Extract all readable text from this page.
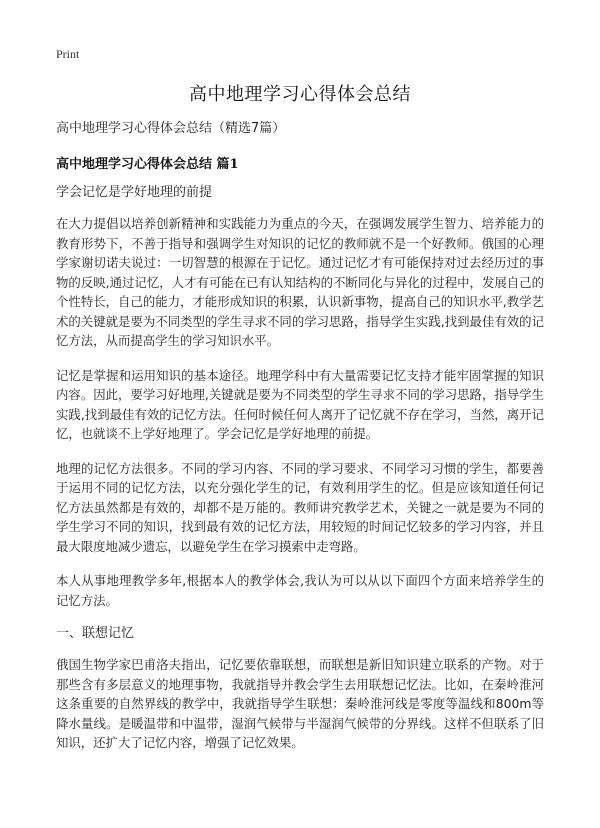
Print
高中地理学习心得体会总结

高中地理学习心得体会总结（精选7篇）

高中地理学习心得体会总结 篇1

学会记忆是学好地理的前提

在大力提倡以培养创新精神和实践能力为重点的今天，在强调发展学生智力、培养能力的教育形势下，不善于指导和强调学生对知识的记忆的教师就不是一个好教师。俄国的心理学家谢切诺夫说过：一切智慧的根源在于记忆。通过记忆才有可能保持对过去经历过的事物的反映,通过记忆，人才有可能在已有认知结构的不断同化与异化的过程中，发展自己的个性特长，自己的能力，才能形成知识的积累，认识新事物，提高自己的知识水平,教学艺术的关键就是要为不同类型的学生寻求不同的学习思路，指导学生实践,找到最佳有效的记忆方法，从而提高学生的学习知识水平。

记忆是掌握和运用知识的基本途径。地理学科中有大量需要记忆支持才能牢固掌握的知识内容。因此，要学习好地理,关键就是要为不同类型的学生寻求不同的学习思路，指导学生实践,找到最佳有效的记忆方法。任何时候任何人离开了记忆就不存在学习，当然，离开记忆，也就谈不上学好地理了。学会记忆是学好地理的前提。

地理的记忆方法很多。不同的学习内容、不同的学习要求、不同学习习惯的学生，都要善于运用不同的记忆方法，以充分强化学生的记，有效利用学生的忆。但是应该知道任何记忆方法虽然都是有效的，却都不是万能的。教师讲究教学艺术，关键之一就是要为不同的学生学习不同的知识，找到最有效的记忆方法，用较短的时间记忆较多的学习内容，并且最大限度地减少遗忘，以避免学生在学习摸索中走弯路。

本人从事地理教学多年,根据本人的教学体会,我认为可以从以下面四个方面来培养学生的记忆方法。

一、联想记忆

俄国生物学家巴甫洛夫指出，记忆要依靠联想，而联想是新旧知识建立联系的产物。对于那些含有多层意义的地理事物，我就指导并教会学生去用联想记忆法。比如，在秦岭淮河这条重要的自然界线的教学中，我就指导学生联想：秦岭淮河线是零度等温线和800m等降水量线。是暖温带和中温带，湿润气候带与半湿润气候带的分界线。这样不但联系了旧知识，还扩大了记忆内容，增强了记忆效果。
